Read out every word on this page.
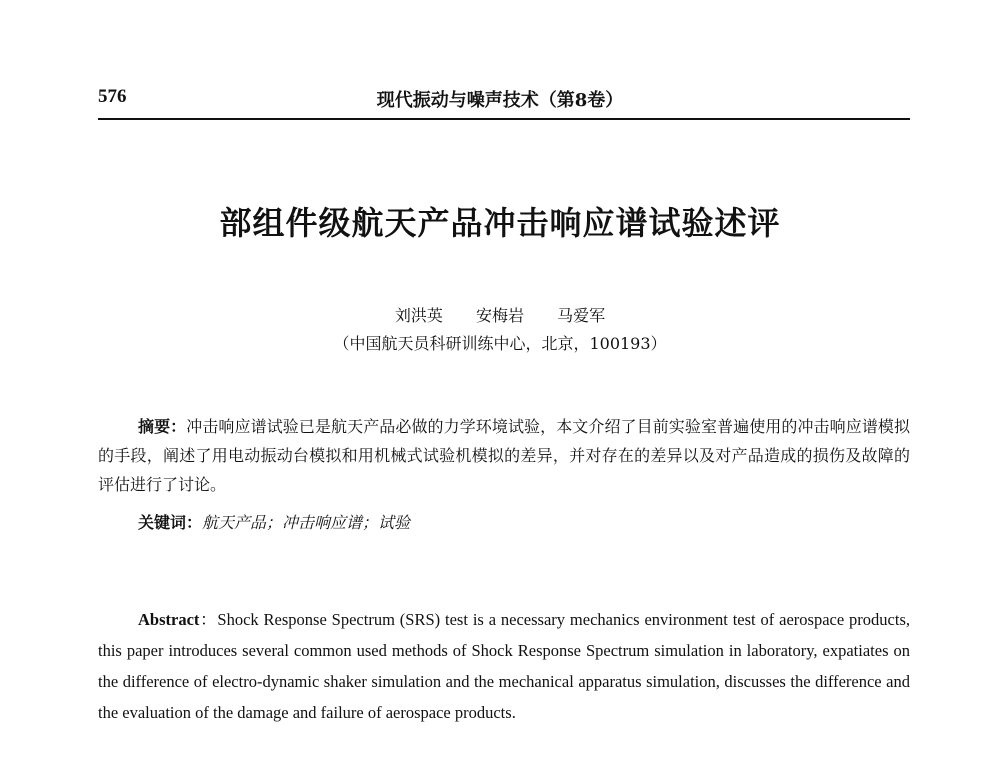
576	现代振动与噪声技术（第8卷）
部组件级航天产品冲击响应谱试验述评
刘洪英 安梅岩 马爱军
（中国航天员科研训练中心，北京，100193）
摘要：冲击响应谱试验已是航天产品必做的力学环境试验，本文介绍了目前实验室普遍使用的冲击响应谱模拟的手段，阐述了用电动振动台模拟和用机械式试验机模拟的差异，并对存在的差异以及对产品造成的损伤及故障的评估进行了讨论。
关键词：航天产品；冲击响应谱；试验
Abstract：Shock Response Spectrum (SRS) test is a necessary mechanics environment test of aerospace products, this paper introduces several common used methods of Shock Response Spectrum simulation in laboratory, expatiates on the difference of electro-dynamic shaker simulation and the mechanical apparatus simulation, discusses the difference and the evaluation of the damage and failure of aerospace products.
